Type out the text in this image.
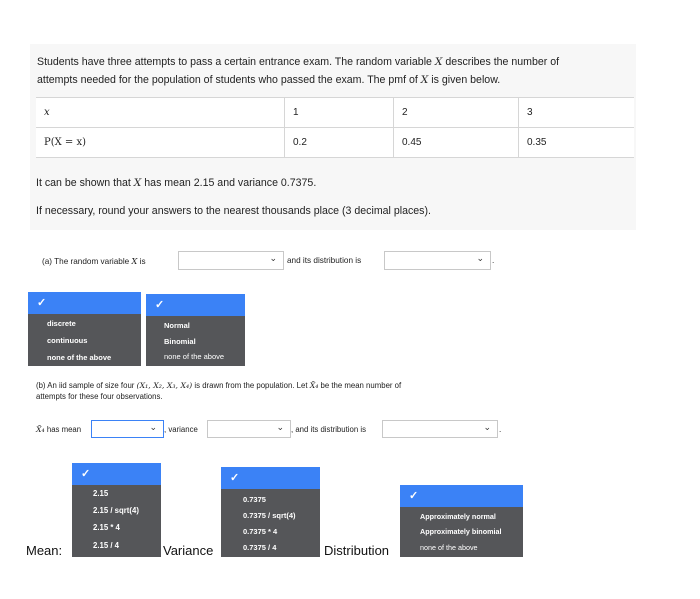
Students have three attempts to pass a certain entrance exam. The random variable X describes the number of
attempts needed for the population of students who passed the exam. The pmf of X is given below.
x	1	2	3
P(X = x)	0.2	0.45	0.35
It can be shown that X has mean 2.15 and variance 0.7375.
If necessary, round your answers to the nearest thousands place (3 decimal places).
(a) The random variable X is	⌄ and its distribution is	⌄ .
✓
discrete
continuous
none of the above
✓
Normal
Binomial
none of the above
(b) An iid sample of size four (X₁, X₂, X₃, X₄) is drawn from the population. Let X̄₄ be the mean number of
attempts for these four observations.
X̄₄ has mean	⌄ , variance	⌄ , and its distribution is	⌄ .
✓
2.15
2.15 / sqrt(4)
2.15 * 4
2.15 / 4
✓
0.7375
0.7375 / sqrt(4)
0.7375 * 4
0.7375 / 4
✓
Approximately normal
Approximately binomial
none of the above
Mean:	Variance	Distribution
